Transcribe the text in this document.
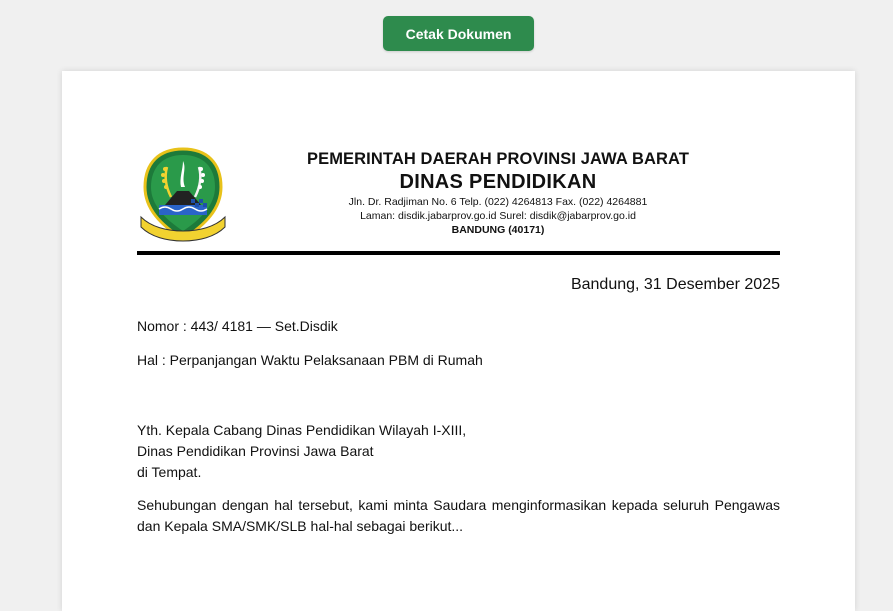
Cetak Dokumen
PEMERINTAH DAERAH PROVINSI JAWA BARAT
DINAS PENDIDIKAN
Jln. Dr. Radjiman No. 6 Telp. (022) 4264813 Fax. (022) 4264881
Laman: disdik.jabarprov.go.id Surel: disdik@jabarprov.go.id
BANDUNG (40171)
Bandung, 31 Desember 2025
Nomor : 443/ 4181 — Set.Disdik
Hal : Perpanjangan Waktu Pelaksanaan PBM di Rumah
Yth. Kepala Cabang Dinas Pendidikan Wilayah I-XIII,
Dinas Pendidikan Provinsi Jawa Barat
di Tempat.
Sehubungan dengan hal tersebut, kami minta Saudara menginformasikan kepada seluruh Pengawas dan Kepala SMA/SMK/SLB hal-hal sebagai berikut...
